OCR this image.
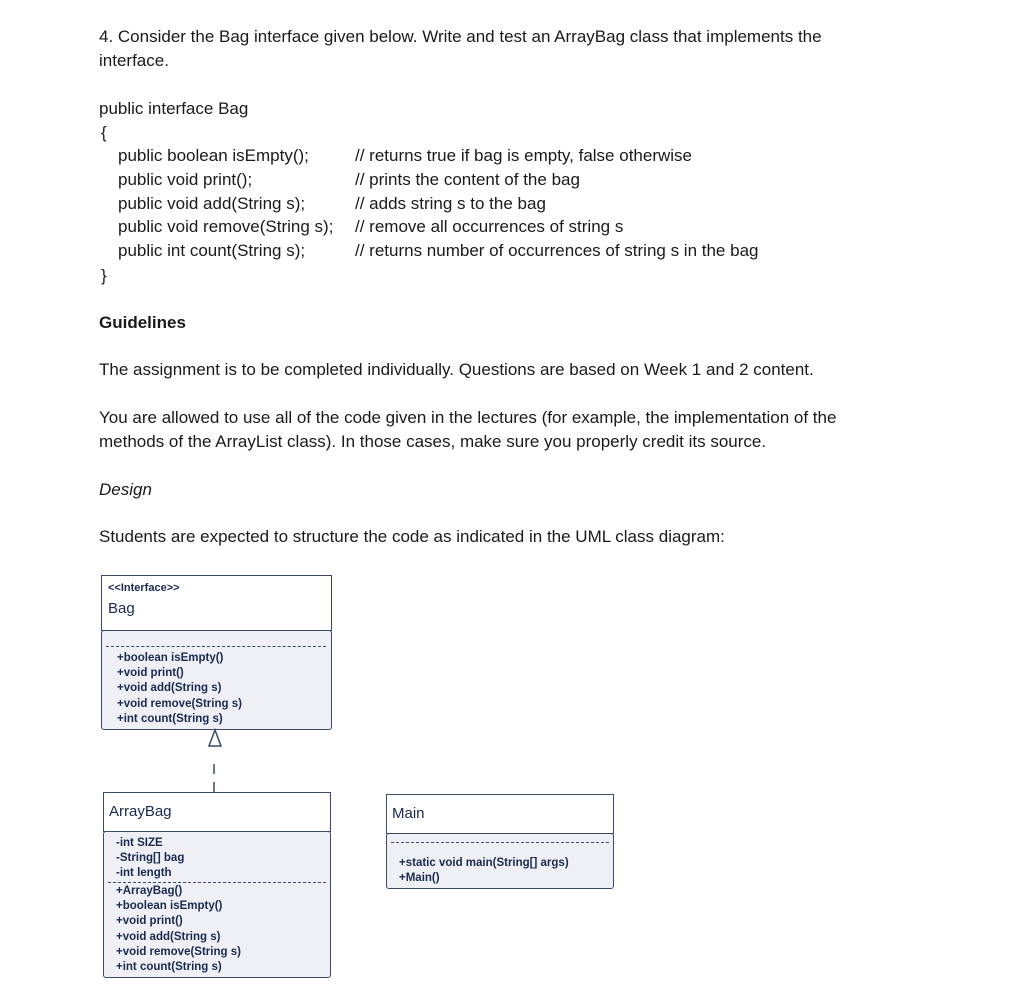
4. Consider the Bag interface given below. Write and test an ArrayBag class that implements the
interface.
public interface Bag
{
public boolean isEmpty();	// returns true if bag is empty, false otherwise
public void print();	// prints the content of the bag
public void add(String s);	// adds string s to the bag
public void remove(String s); // remove all occurrences of string s
public int count(String s);	// returns number of occurrences of string s in the bag
}
Guidelines
The assignment is to be completed individually. Questions are based on Week 1 and 2 content.
You are allowed to use all of the code given in the lectures (for example, the implementation of the
methods of the ArrayList class). In those cases, make sure you properly credit its source.
Design
Students are expected to structure the code as indicated in the UML class diagram:
<<Interface>>
Bag
+boolean isEmpty()
+void print()
+void add(String s)
+void remove(String s)
+int count(String s)
ArrayBag
-int SIZE
-String[] bag
-int length
+ArrayBag()
+boolean isEmpty()
+void print()
+void add(String s)
+void remove(String s)
+int count(String s)
Main
+static void main(String[] args)
+Main()
